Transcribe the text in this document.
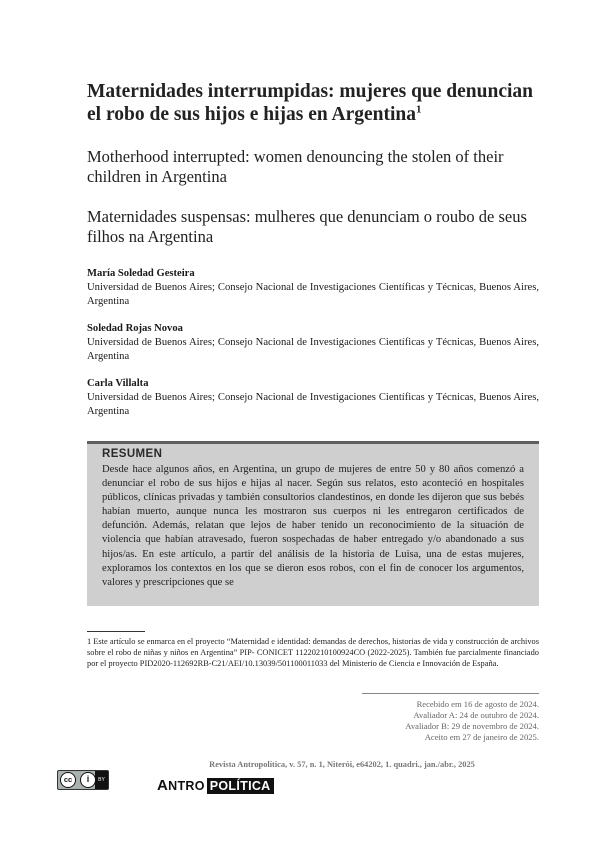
Maternidades interrumpidas: mujeres que denuncian el robo de sus hijos e hijas en Argentina$^1$
Motherhood interrupted: women denouncing the stolen of their children in Argentina
Maternidades suspensas: mulheres que denunciam o roubo de seus filhos na Argentina
María Soledad Gesteira
Universidad de Buenos Aires; Consejo Nacional de Investigaciones Científicas y Técnicas, Buenos Aires, Argentina
Soledad Rojas Novoa
Universidad de Buenos Aires; Consejo Nacional de Investigaciones Científicas y Técnicas, Buenos Aires, Argentina
Carla Villalta
Universidad de Buenos Aires; Consejo Nacional de Investigaciones Científicas y Técnicas, Buenos Aires, Argentina
RESUMEN
Desde hace algunos años, en Argentina, un grupo de mujeres de entre 50 y 80 años comenzó a denunciar el robo de sus hijos e hijas al nacer. Según sus relatos, esto aconteció en hospitales públicos, clínicas privadas y también consultorios clandestinos, en donde les dijeron que sus bebés habían muerto, aunque nunca les mostraron sus cuerpos ni les entregaron certificados de defunción. Además, relatan que lejos de haber tenido un reconocimiento de la situación de violencia que habían atravesado, fueron sospechadas de haber entregado y/o abandonado a sus hijos/as. En este artículo, a partir del análisis de la historia de Luisa, una de estas mujeres, exploramos los contextos en los que se dieron esos robos, con el fin de conocer los argumentos, valores y prescripciones que se
1 Este artículo se enmarca en el proyecto “Maternidad e identidad: demandas de derechos, historias de vida y construcción de archivos sobre el robo de niñas y niños en Argentina” PIP- CONICET 11220210100924CO (2022-2025). También fue parcialmente financiado por el proyecto PID2020-112692RB-C21/AEI/10.13039/501100011033 del Ministerio de Ciencia e Innovación de España.
Recebido em 16 de agosto de 2024.
Avaliador A: 24 de outubro de 2024.
Avaliador B: 29 de novembro de 2024.
Aceito em 27 de janeiro de 2025.
Revista Antropolítica, v. 57, n. 1, Niterói, e64202, 1. quadri., jan./abr., 2025
cc	i	BY	ANTRO POLÍTICA
